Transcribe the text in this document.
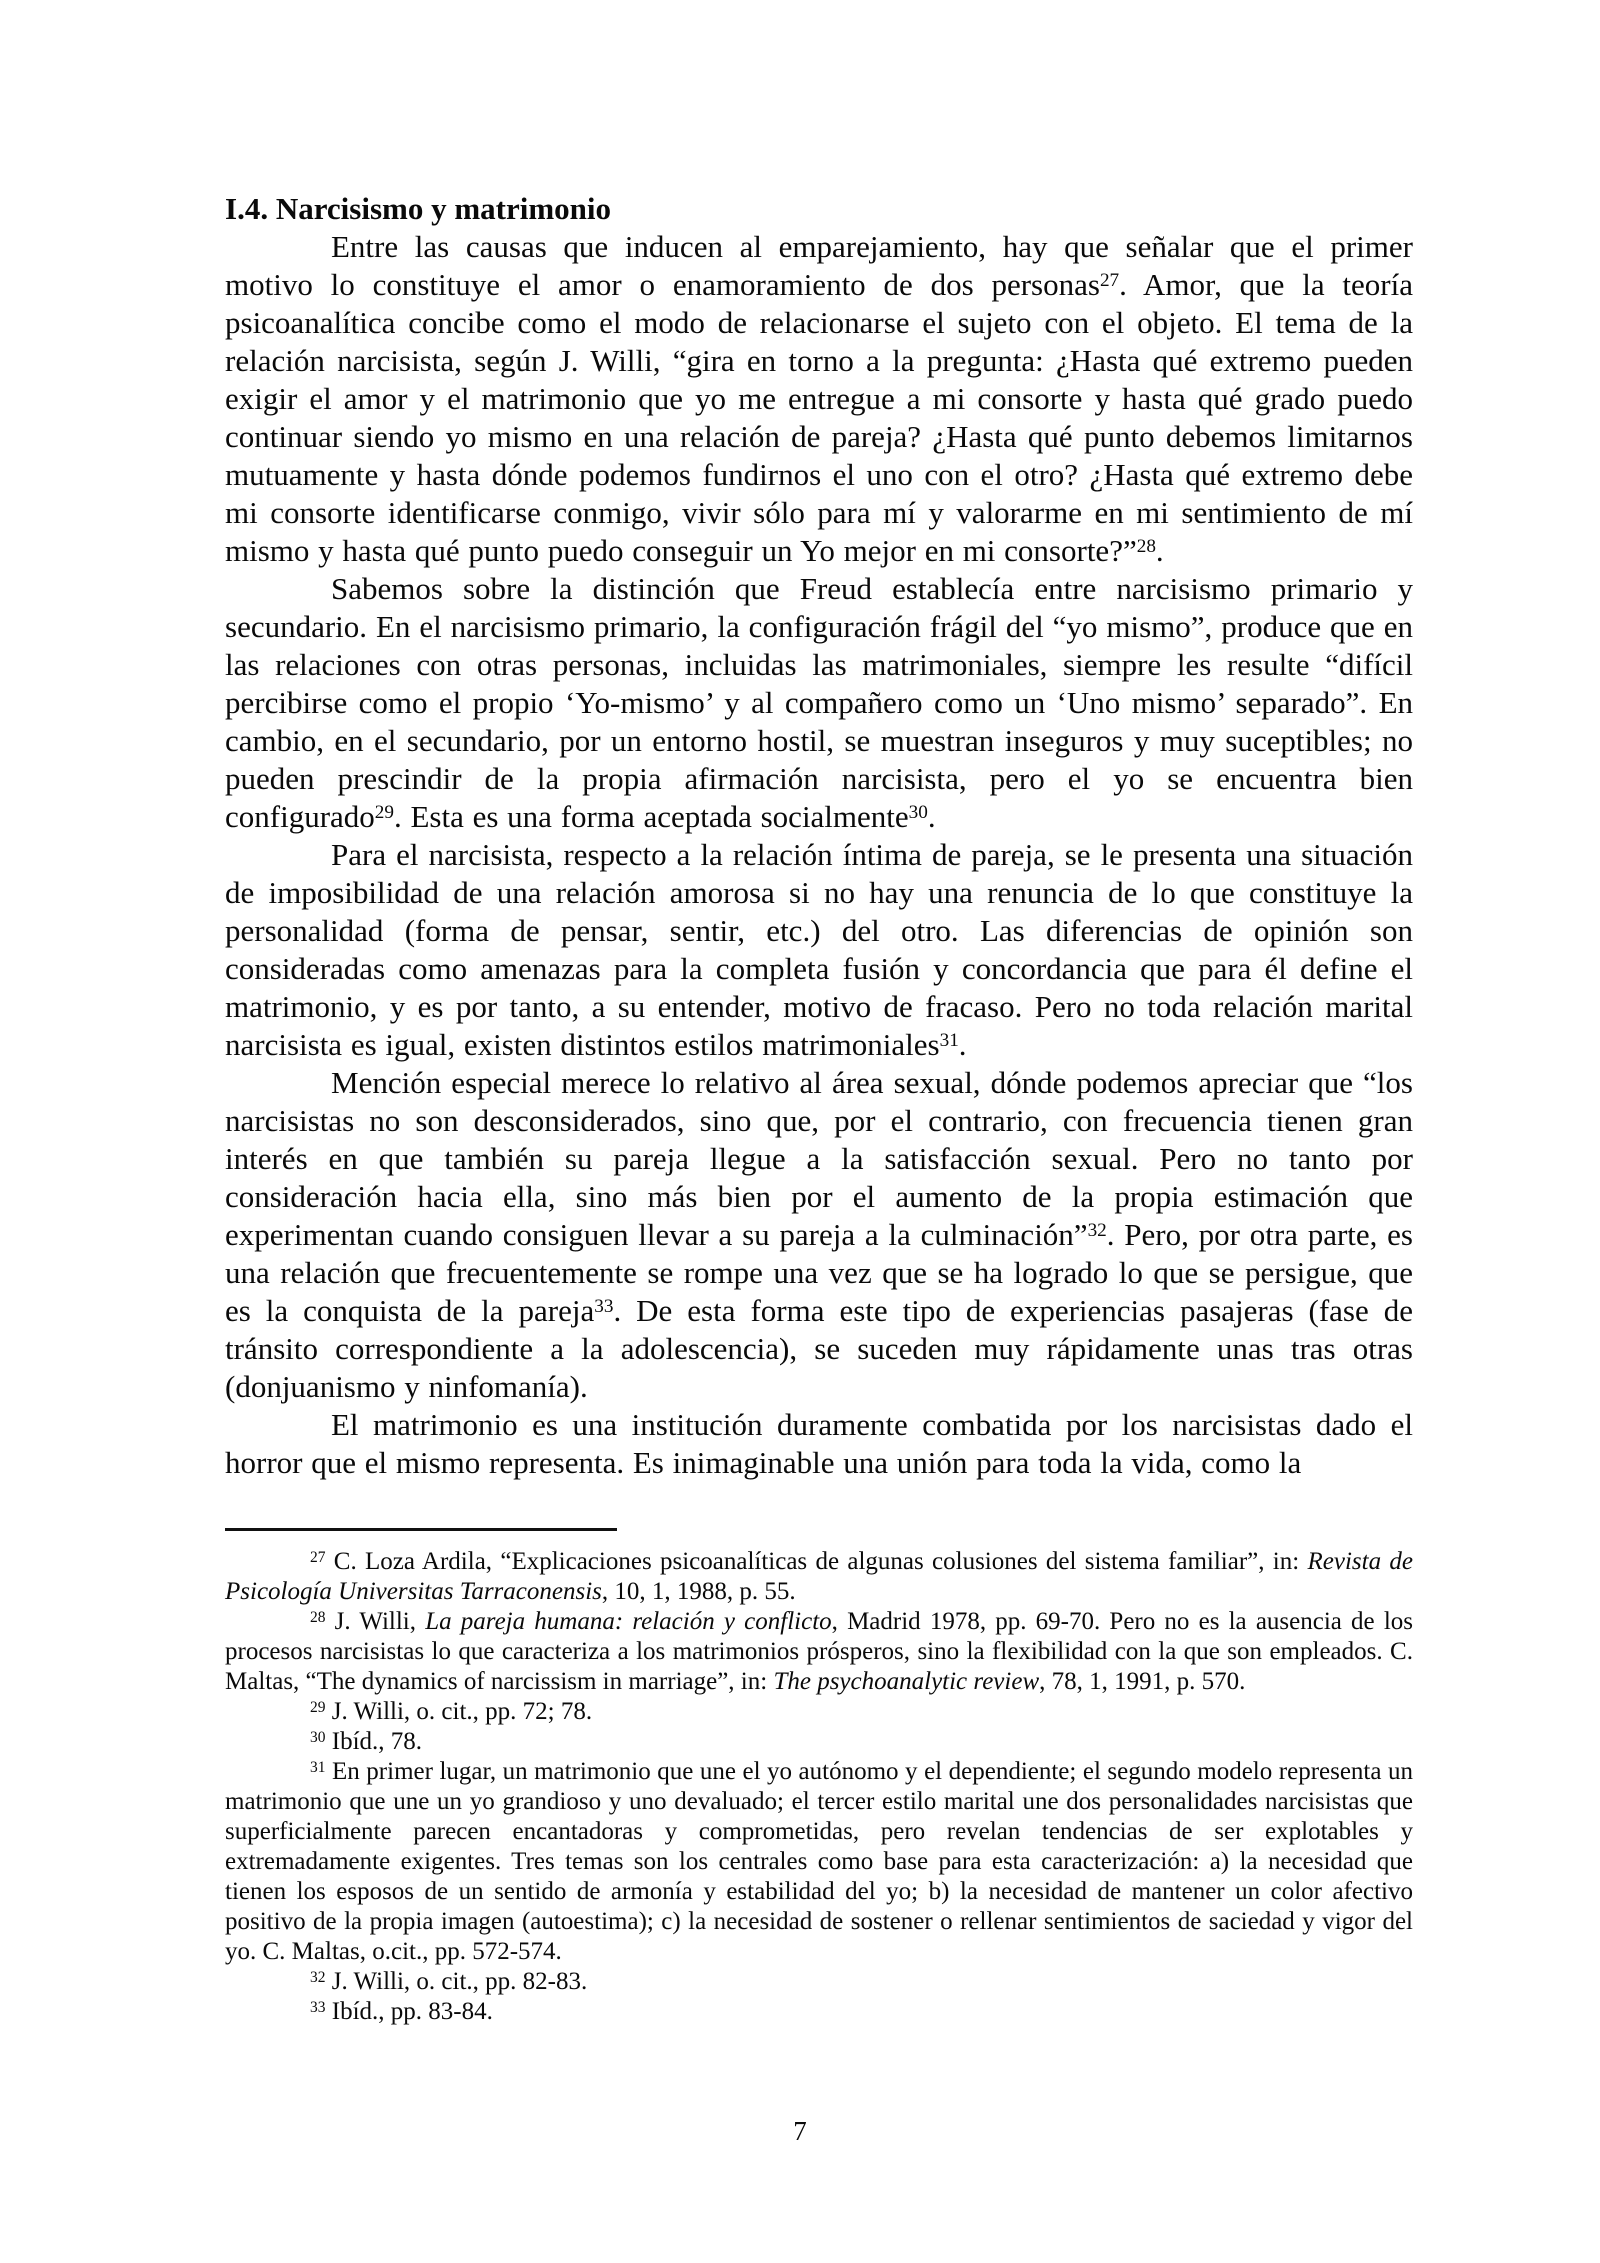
I.4. Narcisismo y matrimonio

Entre las causas que inducen al emparejamiento, hay que señalar que el primer motivo lo constituye el amor o enamoramiento de dos personas$^{27}$. Amor, que la teoría psicoanalítica concibe como el modo de relacionarse el sujeto con el objeto. El tema de la relación narcisista, según J. Willi, “gira en torno a la pregunta: ¿Hasta qué extremo pueden exigir el amor y el matrimonio que yo me entregue a mi consorte y hasta qué grado puedo continuar siendo yo mismo en una relación de pareja? ¿Hasta qué punto debemos limitarnos mutuamente y hasta dónde podemos fundirnos el uno con el otro? ¿Hasta qué extremo debe mi consorte identificarse conmigo, vivir sólo para mí y valorarme en mi sentimiento de mí mismo y hasta qué punto puedo conseguir un Yo mejor en mi consorte?”$^{28}$.

Sabemos sobre la distinción que Freud establecía entre narcisismo primario y secundario. En el narcisismo primario, la configuración frágil del “yo mismo”, produce que en las relaciones con otras personas, incluidas las matrimoniales, siempre les resulte “difícil percibirse como el propio ‘Yo-mismo’ y al compañero como un ‘Uno mismo’ separado”. En cambio, en el secundario, por un entorno hostil, se muestran inseguros y muy suceptibles; no pueden prescindir de la propia afirmación narcisista, pero el yo se encuentra bien configurado$^{29}$. Esta es una forma aceptada socialmente$^{30}$.

Para el narcisista, respecto a la relación íntima de pareja, se le presenta una situación de imposibilidad de una relación amorosa si no hay una renuncia de lo que constituye la personalidad (forma de pensar, sentir, etc.) del otro. Las diferencias de opinión son consideradas como amenazas para la completa fusión y concordancia que para él define el matrimonio, y es por tanto, a su entender, motivo de fracaso. Pero no toda relación marital narcisista es igual, existen distintos estilos matrimoniales$^{31}$.

Mención especial merece lo relativo al área sexual, dónde podemos apreciar que “los narcisistas no son desconsiderados, sino que, por el contrario, con frecuencia tienen gran interés en que también su pareja llegue a la satisfacción sexual. Pero no tanto por consideración hacia ella, sino más bien por el aumento de la propia estimación que experimentan cuando consiguen llevar a su pareja a la culminación”$^{32}$. Pero, por otra parte, es una relación que frecuentemente se rompe una vez que se ha logrado lo que se persigue, que es la conquista de la pareja$^{33}$. De esta forma este tipo de experiencias pasajeras (fase de tránsito correspondiente a la adolescencia), se suceden muy rápidamente unas tras otras (donjuanismo y ninfomanía).

El matrimonio es una institución duramente combatida por los narcisistas dado el horror que el mismo representa. Es inimaginable una unión para toda la vida, como la

$^{27}$ C. Loza Ardila, “Explicaciones psicoanalíticas de algunas colusiones del sistema familiar”, in: Revista de Psicología Universitas Tarraconensis, 10, 1, 1988, p. 55.

$^{28}$ J. Willi, La pareja humana: relación y conflicto, Madrid 1978, pp. 69-70. Pero no es la ausencia de los procesos narcisistas lo que caracteriza a los matrimonios prósperos, sino la flexibilidad con la que son empleados. C. Maltas, “The dynamics of narcissism in marriage”, in: The psychoanalytic review, 78, 1, 1991, p. 570.

$^{29}$ J. Willi, o. cit., pp. 72; 78.

$^{30}$ Ibíd., 78.

$^{31}$ En primer lugar, un matrimonio que une el yo autónomo y el dependiente; el segundo modelo representa un matrimonio que une un yo grandioso y uno devaluado; el tercer estilo marital une dos personalidades narcisistas que superficialmente parecen encantadoras y comprometidas, pero revelan tendencias de ser explotables y extremadamente exigentes. Tres temas son los centrales como base para esta caracterización: a) la necesidad que tienen los esposos de un sentido de armonía y estabilidad del yo; b) la necesidad de mantener un color afectivo positivo de la propia imagen (autoestima); c) la necesidad de sostener o rellenar sentimientos de saciedad y vigor del yo. C. Maltas, o.cit., pp. 572-574.

$^{32}$ J. Willi, o. cit., pp. 82-83.

$^{33}$ Ibíd., pp. 83-84.

7
